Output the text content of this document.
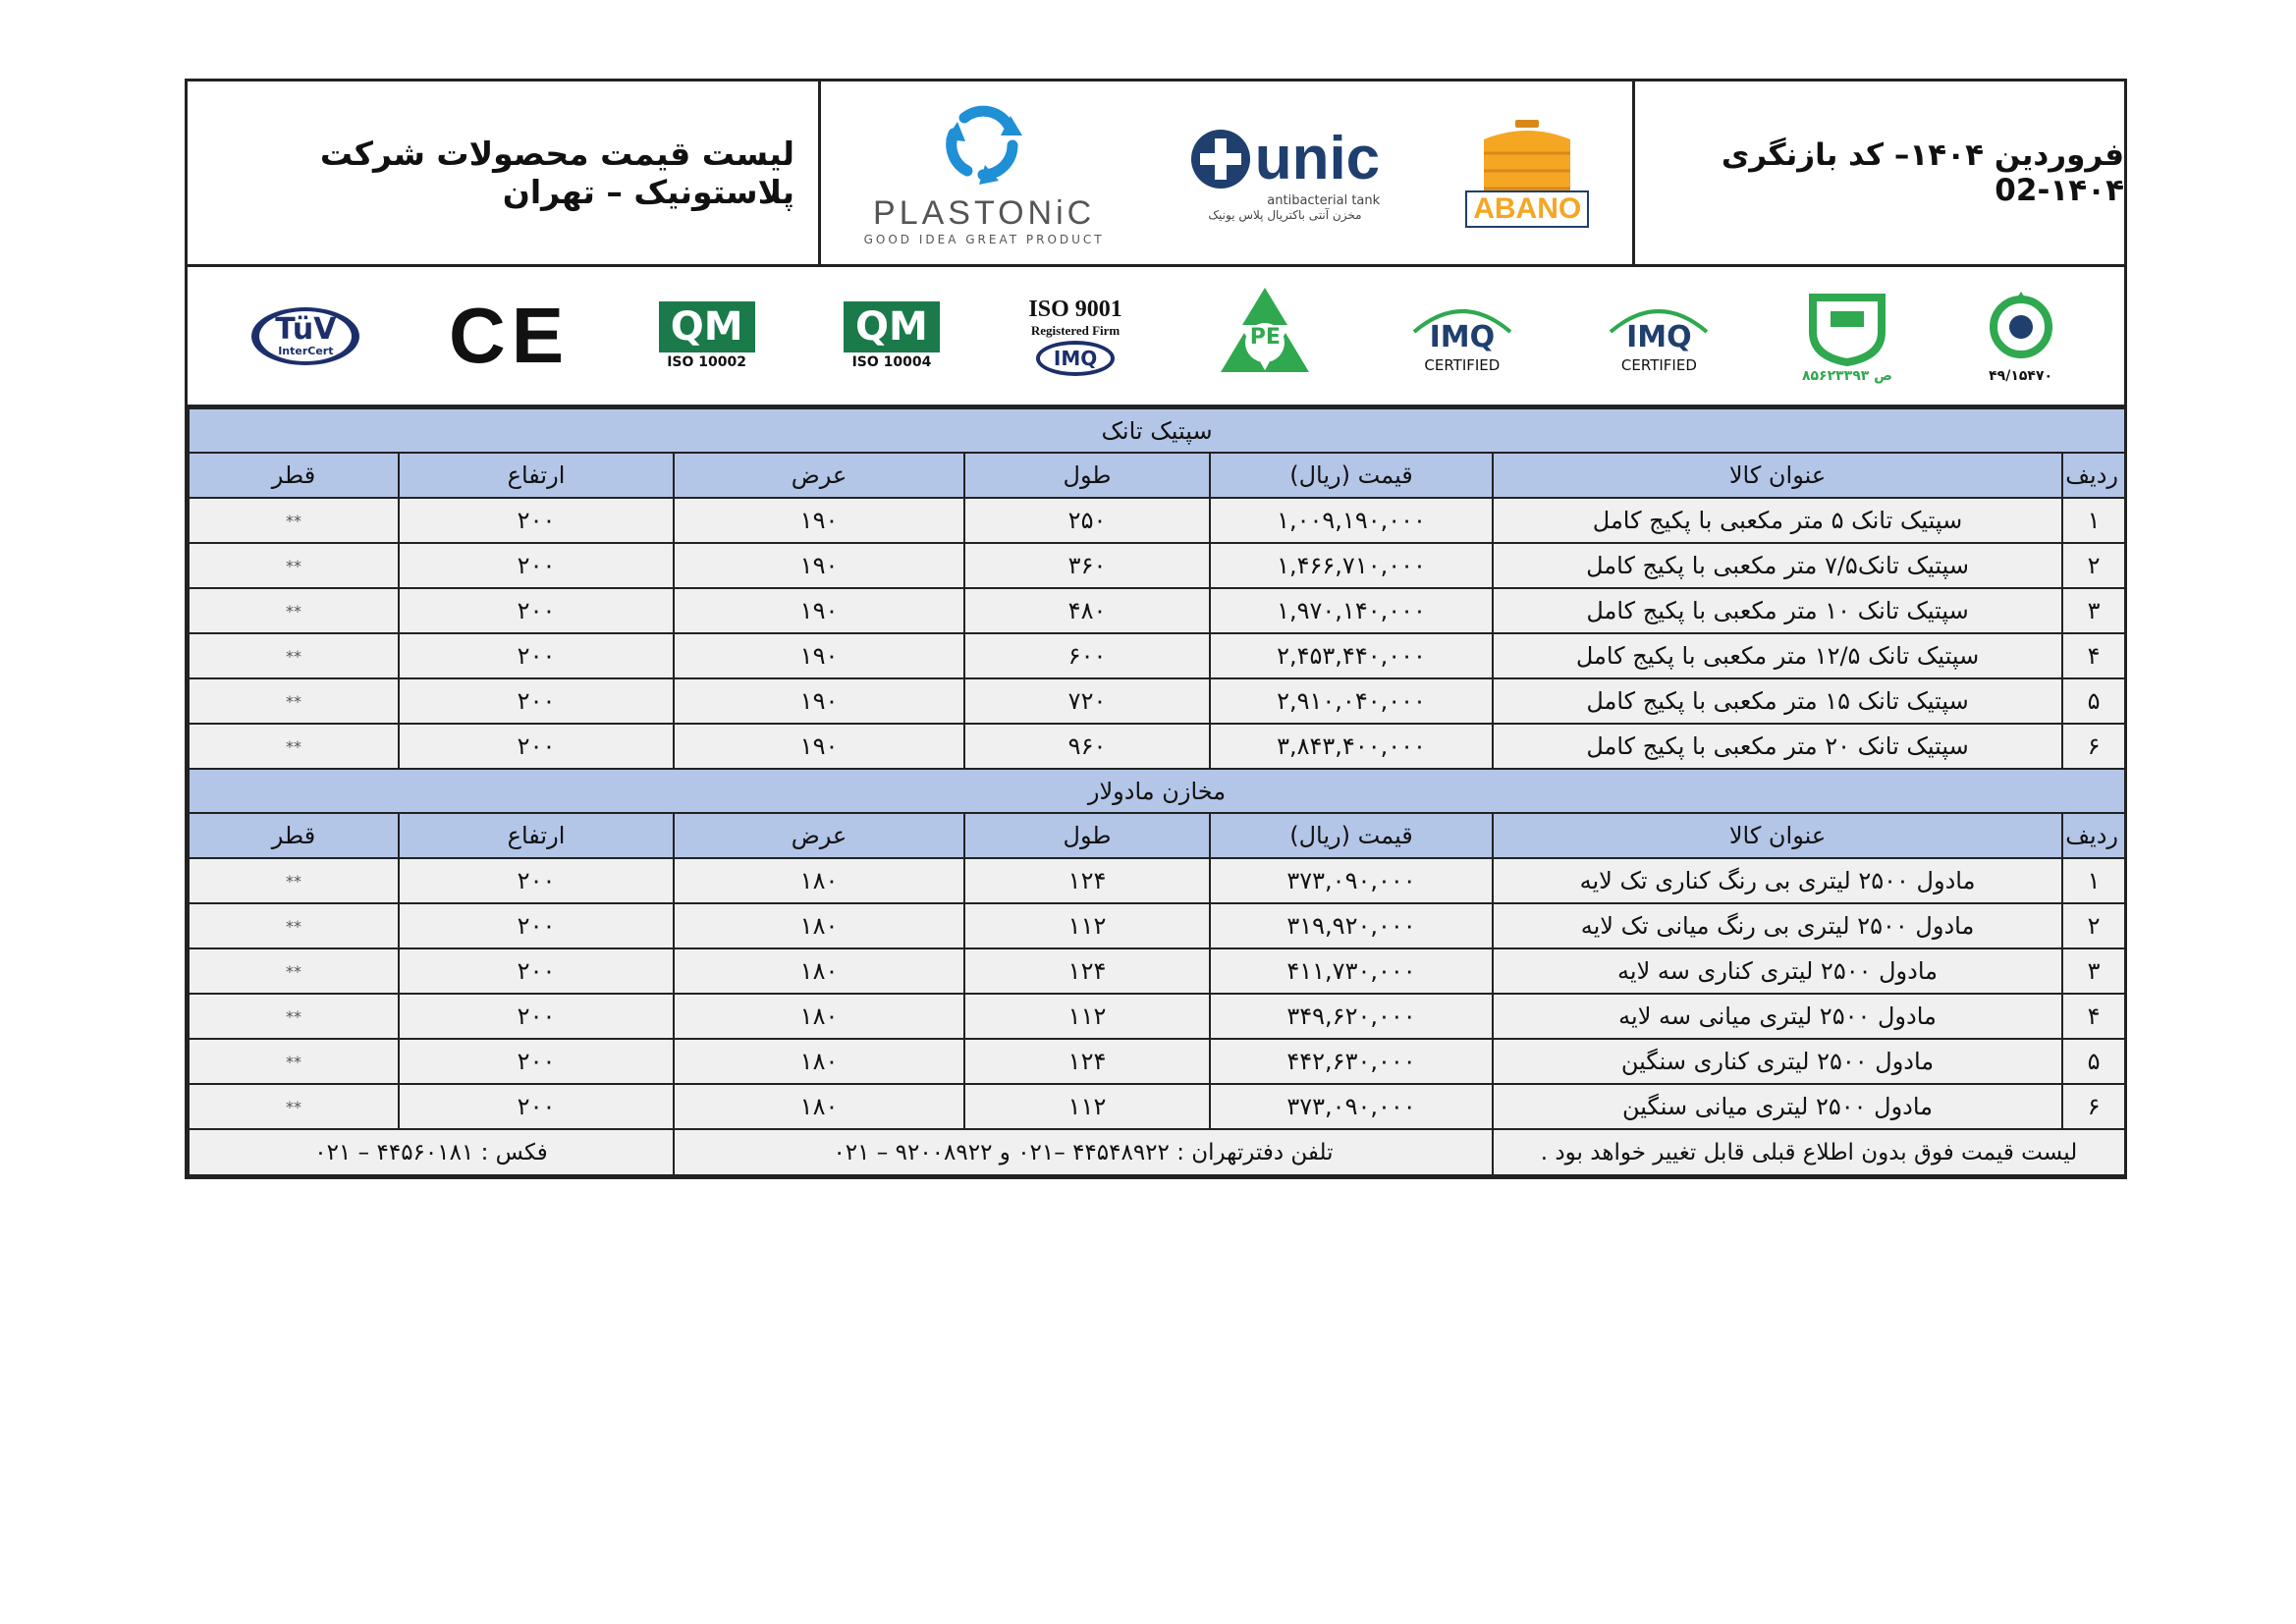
لیست قیمت محصولات شرکت پلاستونیک – تهران
PLASTONiC
GOOD IDEA GREAT PRODUCT
unic
antibacterial tank
مخزن آنتی باکتریال پلاس یونیک	ABANO
فروردین ۱۴۰۴– کد بازنگری ۱۴۰۴-02
۴۹/۱۵۴۷۰
ص ۸۵۶۲۳۳۹۳
IMQ
CERTIFIED
IMQ
CERTIFIED
PE
ISO 9001
Registered Firm
IMQ
QM
ISO 10004
QM
ISO 10002
CE
TüV
InterCert
سپتیک تانک						
ردیف	عنوان کالا	قیمت (ریال)	طول	عرض	ارتفاع	قطر
۱	سپتیک تانک ۵ متر مکعبی با پکیج کامل	۱,۰۰۹,۱۹۰,۰۰۰	۲۵۰	۱۹۰	۲۰۰	**
۲	سپتیک تانک۷/۵ متر مکعبی با پکیج کامل	۱,۴۶۶,۷۱۰,۰۰۰	۳۶۰	۱۹۰	۲۰۰	**
۳	سپتیک تانک ۱۰ متر مکعبی با پکیج کامل	۱,۹۷۰,۱۴۰,۰۰۰	۴۸۰	۱۹۰	۲۰۰	**
۴	سپتیک تانک ۱۲/۵ متر مکعبی با پکیج کامل	۲,۴۵۳,۴۴۰,۰۰۰	۶۰۰	۱۹۰	۲۰۰	**
۵	سپتیک تانک ۱۵ متر مکعبی با پکیج کامل	۲,۹۱۰,۰۴۰,۰۰۰	۷۲۰	۱۹۰	۲۰۰	**
۶	سپتیک تانک ۲۰ متر مکعبی با پکیج کامل	۳,۸۴۳,۴۰۰,۰۰۰	۹۶۰	۱۹۰	۲۰۰	**
مخازن مادولار						
ردیف	عنوان کالا	قیمت (ریال)	طول	عرض	ارتفاع	قطر
۱	مادول ۲۵۰۰ لیتری بی رنگ کناری تک لایه	۳۷۳,۰۹۰,۰۰۰	۱۲۴	۱۸۰	۲۰۰	**
۲	مادول ۲۵۰۰ لیتری بی رنگ میانی تک لایه	۳۱۹,۹۲۰,۰۰۰	۱۱۲	۱۸۰	۲۰۰	**
۳	مادول ۲۵۰۰ لیتری کناری سه لایه	۴۱۱,۷۳۰,۰۰۰	۱۲۴	۱۸۰	۲۰۰	**
۴	مادول ۲۵۰۰ لیتری میانی سه لایه	۳۴۹,۶۲۰,۰۰۰	۱۱۲	۱۸۰	۲۰۰	**
۵	مادول ۲۵۰۰ لیتری کناری سنگین	۴۴۲,۶۳۰,۰۰۰	۱۲۴	۱۸۰	۲۰۰	**
۶	مادول ۲۵۰۰ لیتری میانی سنگین	۳۷۳,۰۹۰,۰۰۰	۱۱۲	۱۸۰	۲۰۰	**
لیست قیمت فوق بدون اطلاع قبلی قابل تغییر خواهد بود .		تلفن دفترتهران : ۴۴۵۴۸۹۲۲ –۰۲۱ و ۹۲۰۰۸۹۲۲ – ۰۲۱			فکس : ۴۴۵۶۰۱۸۱ – ۰۲۱	
